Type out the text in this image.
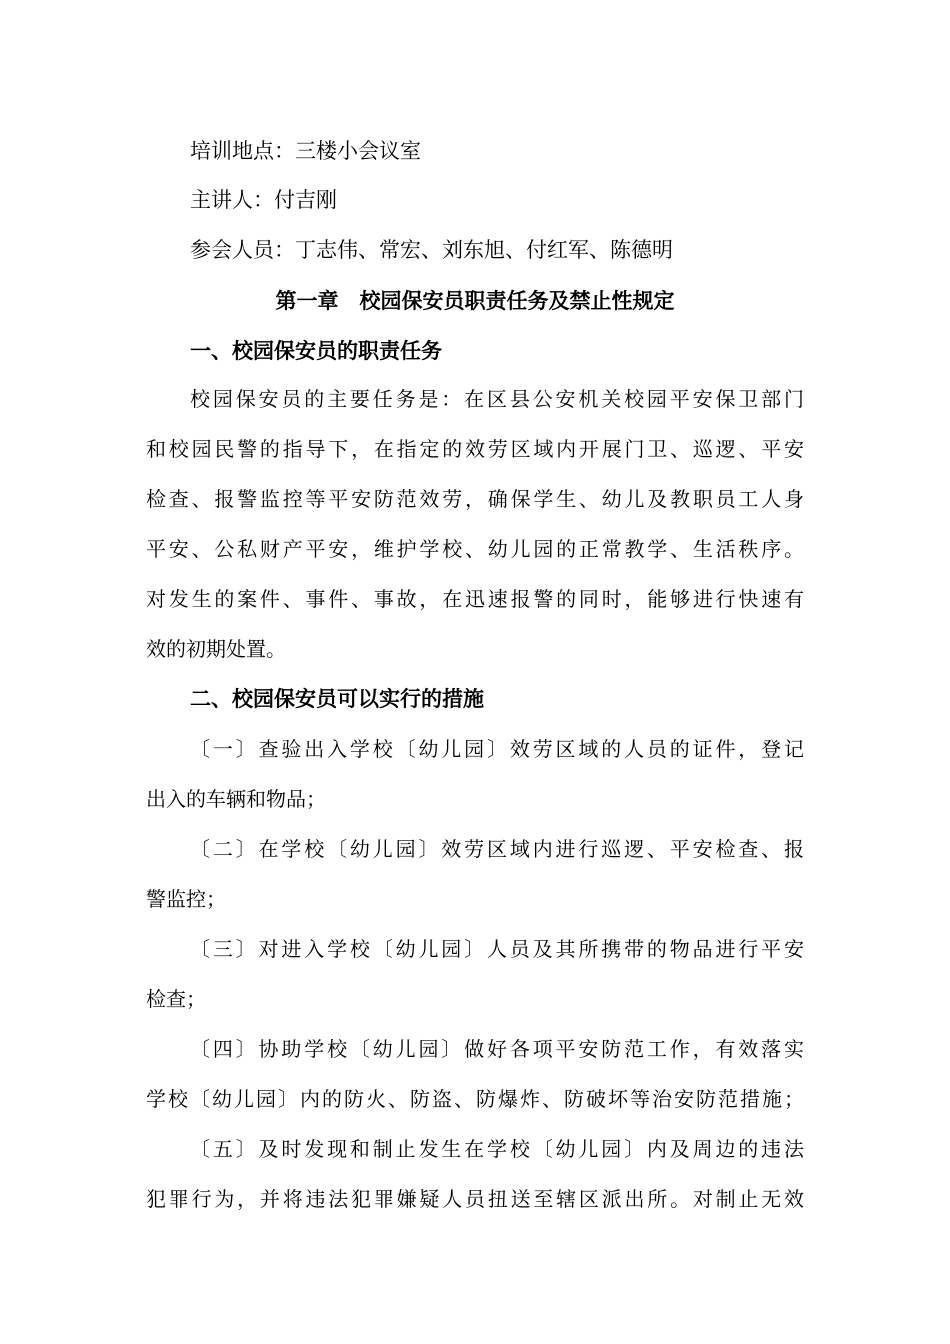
培训地点：三楼小会议室
主讲人：付吉刚
参会人员：丁志伟、常宏、刘东旭、付红军、陈德明
第一章　校园保安员职责任务及禁止性规定
一、校园保安员的职责任务
校园保安员的主要任务是：在区县公安机关校园平安保卫部门
和校园民警的指导下，在指定的效劳区域内开展门卫、巡逻、平安
检查、报警监控等平安防范效劳，确保学生、幼儿及教职员工人身
平安、公私财产平安，维护学校、幼儿园的正常教学、生活秩序。
对发生的案件、事件、事故，在迅速报警的同时，能够进行快速有
效的初期处置。
二、校园保安员可以实行的措施
〔一〕查验出入学校〔幼儿园〕效劳区域的人员的证件，登记
出入的车辆和物品；
〔二〕在学校〔幼儿园〕效劳区域内进行巡逻、平安检查、报
警监控；
〔三〕对进入学校〔幼儿园〕人员及其所携带的物品进行平安
检查；
〔四〕协助学校〔幼儿园〕做好各项平安防范工作，有效落实
学校〔幼儿园〕内的防火、防盗、防爆炸、防破坏等治安防范措施；
〔五〕及时发现和制止发生在学校〔幼儿园〕内及周边的违法
犯罪行为，并将违法犯罪嫌疑人员扭送至辖区派出所。对制止无效
